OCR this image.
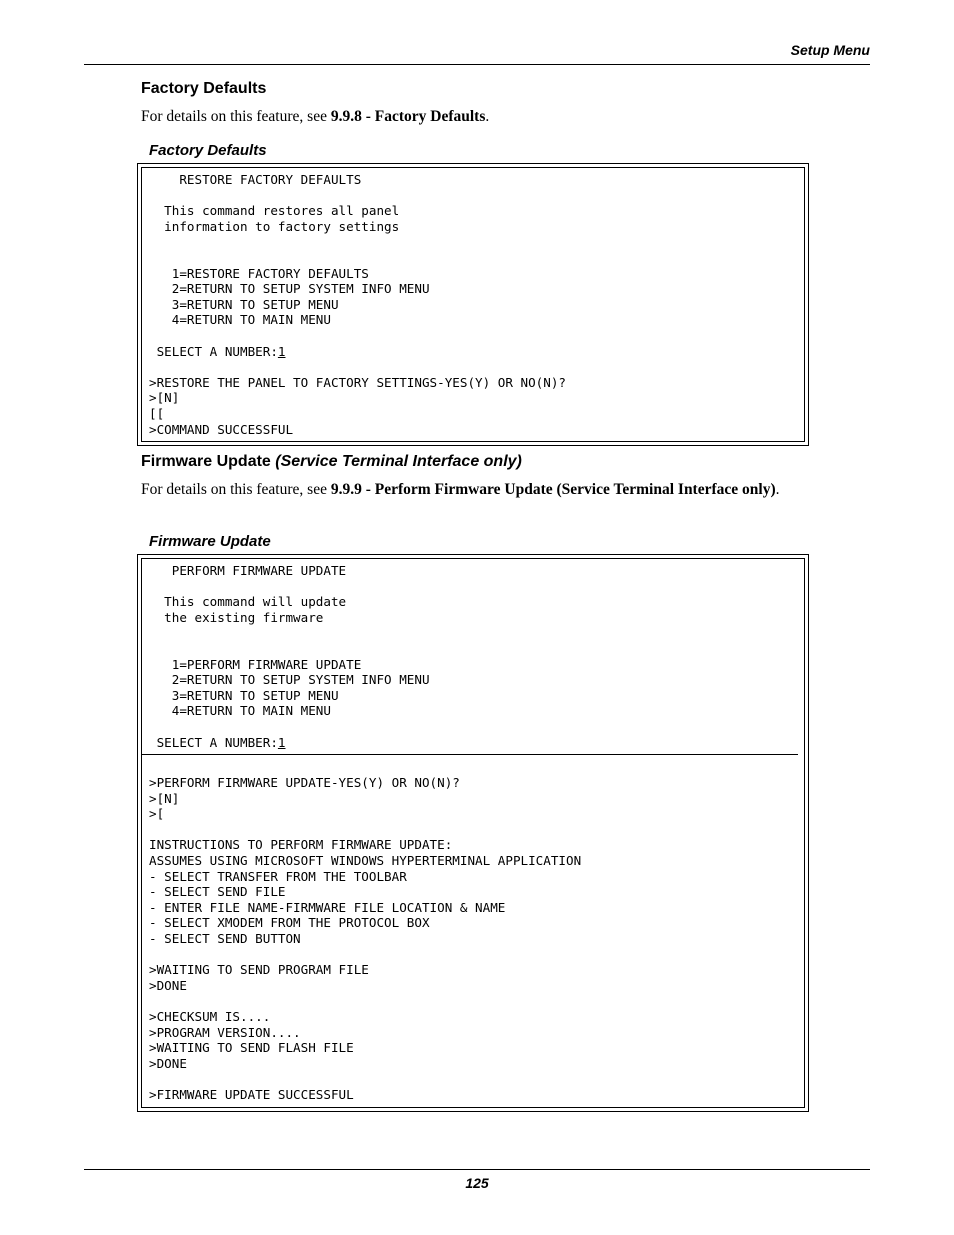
Setup Menu
Factory Defaults
For details on this feature, see 9.9.8 - Factory Defaults.
Factory Defaults
RESTORE FACTORY DEFAULTS

This command restores all panel
information to factory settings

1=RESTORE FACTORY DEFAULTS
2=RETURN TO SETUP SYSTEM INFO MENU
3=RETURN TO SETUP MENU
4=RETURN TO MAIN MENU

SELECT A NUMBER:1

>RESTORE THE PANEL TO FACTORY SETTINGS-YES(Y) OR NO(N)?
>[N]
[[
>COMMAND SUCCESSFUL
Firmware Update (Service Terminal Interface only)
For details on this feature, see 9.9.9 - Perform Firmware Update (Service Terminal Interface only).
Firmware Update
PERFORM FIRMWARE UPDATE

This command will update
the existing firmware

1=PERFORM FIRMWARE UPDATE
2=RETURN TO SETUP SYSTEM INFO MENU
3=RETURN TO SETUP MENU
4=RETURN TO MAIN MENU

SELECT A NUMBER:1
>PERFORM FIRMWARE UPDATE-YES(Y) OR NO(N)?
>[N]
>[

INSTRUCTIONS TO PERFORM FIRMWARE UPDATE:
ASSUMES USING MICROSOFT WINDOWS HYPERTERMINAL APPLICATION
- SELECT TRANSFER FROM THE TOOLBAR
- SELECT SEND FILE
- ENTER FILE NAME-FIRMWARE FILE LOCATION & NAME
- SELECT XMODEM FROM THE PROTOCOL BOX
- SELECT SEND BUTTON

>WAITING TO SEND PROGRAM FILE
>DONE

>CHECKSUM IS....
>PROGRAM VERSION....
>WAITING TO SEND FLASH FILE
>DONE

>FIRMWARE UPDATE SUCCESSFUL
125
